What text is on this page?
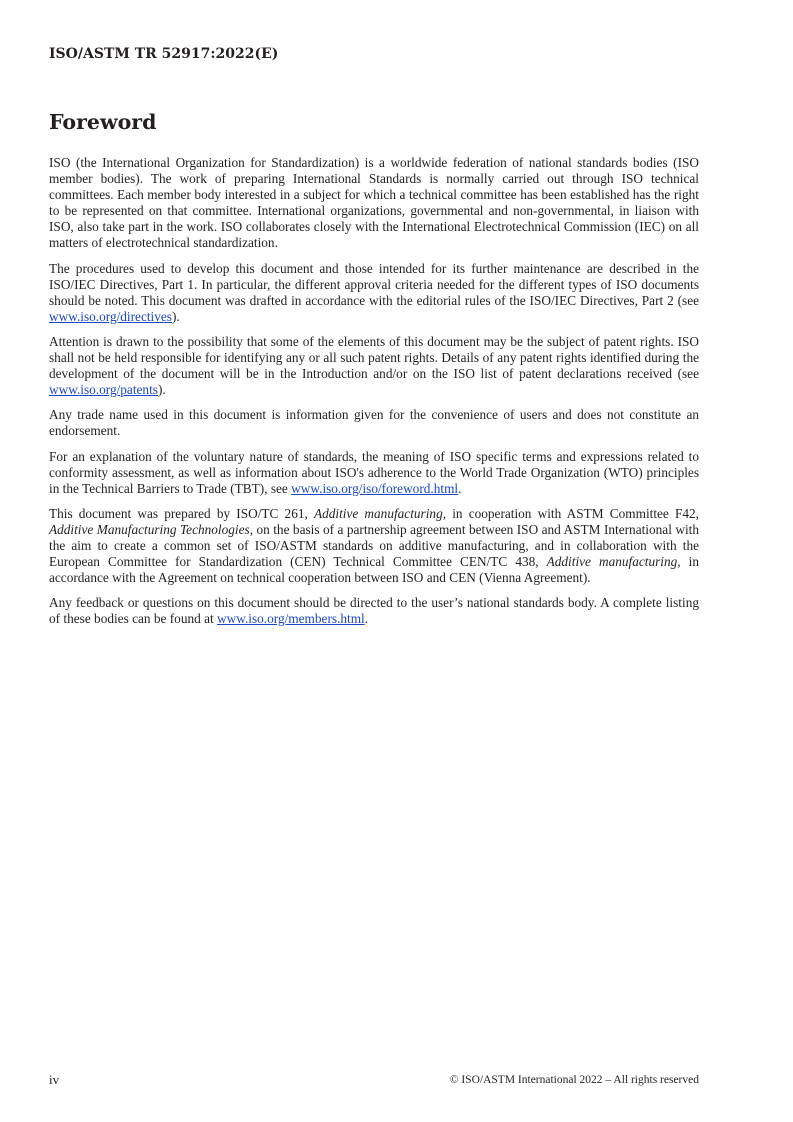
ISO/ASTM TR 52917:2022(E)

Foreword

ISO (the International Organization for Standardization) is a worldwide federation of national standards bodies (ISO member bodies). The work of preparing International Standards is normally carried out through ISO technical committees. Each member body interested in a subject for which a technical committee has been established has the right to be represented on that committee. International organizations, governmental and non-governmental, in liaison with ISO, also take part in the work. ISO collaborates closely with the International Electrotechnical Commission (IEC) on all matters of electrotechnical standardization.

The procedures used to develop this document and those intended for its further maintenance are described in the ISO/IEC Directives, Part 1. In particular, the different approval criteria needed for the different types of ISO documents should be noted. This document was drafted in accordance with the editorial rules of the ISO/IEC Directives, Part 2 (see www.iso.org/directives).

Attention is drawn to the possibility that some of the elements of this document may be the subject of patent rights. ISO shall not be held responsible for identifying any or all such patent rights. Details of any patent rights identified during the development of the document will be in the Introduction and/or on the ISO list of patent declarations received (see www.iso.org/patents).

Any trade name used in this document is information given for the convenience of users and does not constitute an endorsement.

For an explanation of the voluntary nature of standards, the meaning of ISO specific terms and expressions related to conformity assessment, as well as information about ISO's adherence to the World Trade Organization (WTO) principles in the Technical Barriers to Trade (TBT), see www.iso.org/iso/foreword.html.

This document was prepared by ISO/TC 261, Additive manufacturing, in cooperation with ASTM Committee F42, Additive Manufacturing Technologies, on the basis of a partnership agreement between ISO and ASTM International with the aim to create a common set of ISO/ASTM standards on additive manufacturing, and in collaboration with the European Committee for Standardization (CEN) Technical Committee CEN/TC 438, Additive manufacturing, in accordance with the Agreement on technical cooperation between ISO and CEN (Vienna Agreement).

Any feedback or questions on this document should be directed to the user’s national standards body. A complete listing of these bodies can be found at www.iso.org/members.html.

iv	© ISO/ASTM International 2022 – All rights reserved
